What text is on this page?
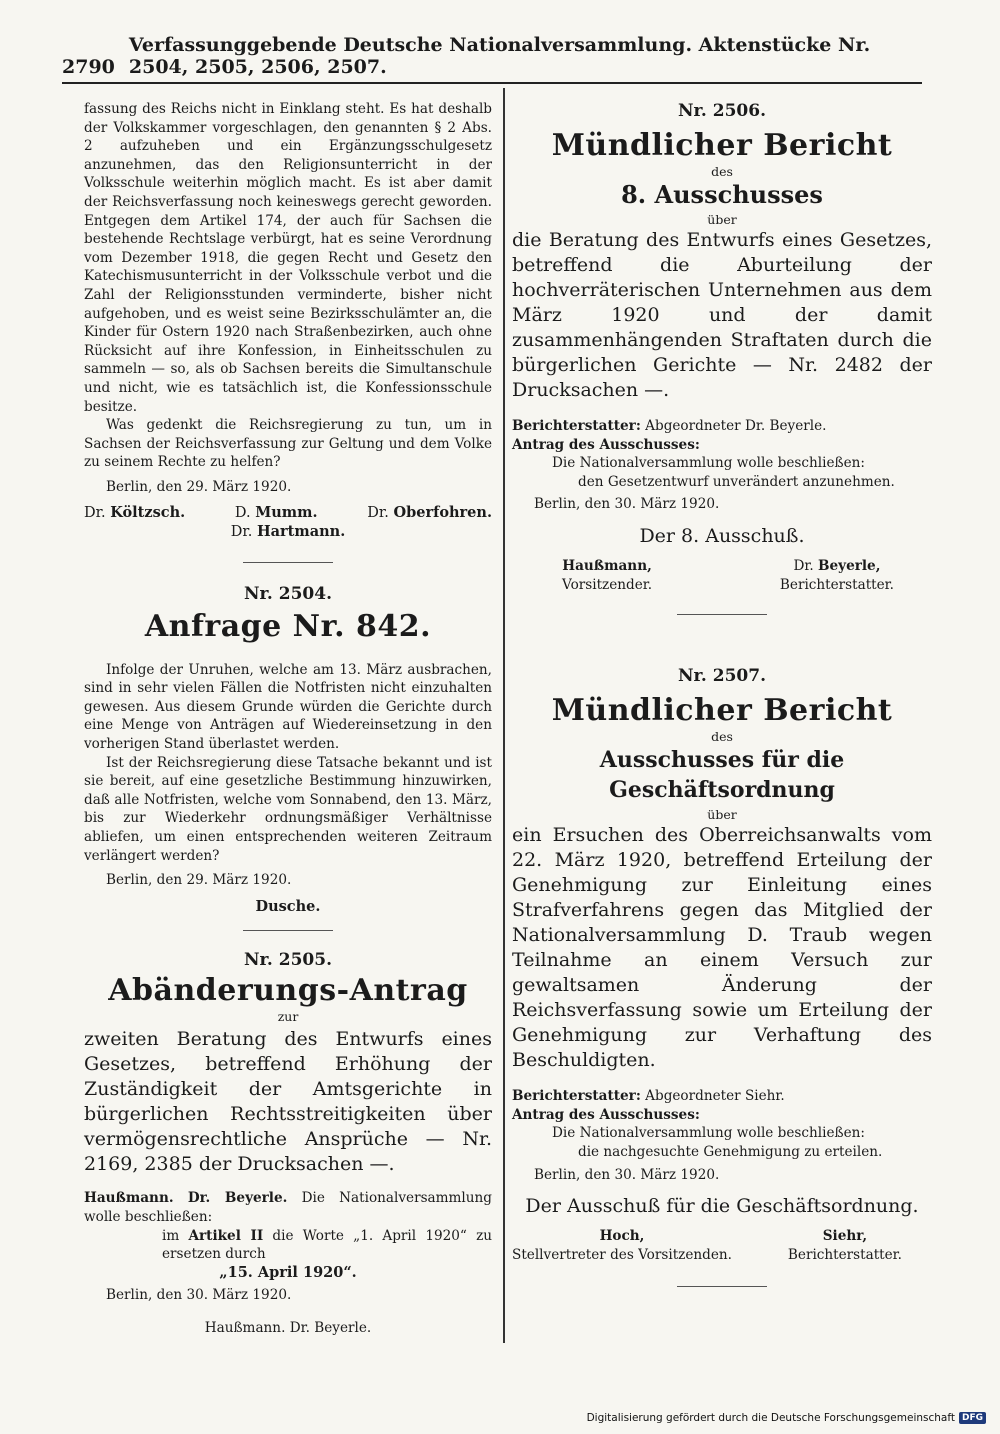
2790
Verfassunggebende Deutsche Nationalversammlung. Aktenstücke Nr. 2504, 2505, 2506, 2507.

fassung des Reichs nicht in Einklang steht. Es hat deshalb der Volkskammer vorgeschlagen, den genannten § 2 Abs. 2 aufzuheben und ein Ergänzungsschulgesetz anzunehmen, das den Religionsunterricht in der Volksschule weiterhin möglich macht. Es ist aber damit der Reichsverfassung noch keineswegs gerecht geworden. Entgegen dem Artikel 174, der auch für Sachsen die bestehende Rechtslage verbürgt, hat es seine Verordnung vom Dezember 1918, die gegen Recht und Gesetz den Katechismusunterricht in der Volksschule verbot und die Zahl der Religionsstunden verminderte, bisher nicht aufgehoben, und es weist seine Bezirksschulämter an, die Kinder für Ostern 1920 nach Straßenbezirken, auch ohne Rücksicht auf ihre Konfession, in Einheitsschulen zu sammeln — so, als ob Sachsen bereits die Simultanschule und nicht, wie es tatsächlich ist, die Konfessionsschule besitze.

Was gedenkt die Reichsregierung zu tun, um in Sachsen der Reichsverfassung zur Geltung und dem Volke zu seinem Rechte zu helfen?

Berlin, den 29. März 1920.

Dr. Költzsch.	D. Mumm.	Dr. Oberfohren.
Dr. Hartmann.
Nr. 2504.
Anfrage Nr. 842.

Infolge der Unruhen, welche am 13. März ausbrachen, sind in sehr vielen Fällen die Notfristen nicht einzuhalten gewesen. Aus diesem Grunde würden die Gerichte durch eine Menge von Anträgen auf Wiedereinsetzung in den vorherigen Stand überlastet werden.

Ist der Reichsregierung diese Tatsache bekannt und ist sie bereit, auf eine gesetzliche Bestimmung hinzuwirken, daß alle Notfristen, welche vom Sonnabend, den 13. März, bis zur Wiederkehr ordnungsmäßiger Verhältnisse abliefen, um einen entsprechenden weiteren Zeitraum verlängert werden?

Berlin, den 29. März 1920.

Dusche.
Nr. 2505.
Abänderungs-Antrag
zur

zweiten Beratung des Entwurfs eines Gesetzes, betreffend Erhöhung der Zuständigkeit der Amtsgerichte in bürgerlichen Rechtsstreitigkeiten über vermögensrechtliche Ansprüche — Nr. 2169, 2385 der Drucksachen —.

Haußmann. Dr. Beyerle. Die Nationalversammlung wolle beschließen:

im Artikel II die Worte „1. April 1920“ zu ersetzen durch

„15. April 1920“.

Berlin, den 30. März 1920.

Haußmann. Dr. Beyerle.
Nr. 2506.
Mündlicher Bericht
des
8. Ausschusses
über

die Beratung des Entwurfs eines Gesetzes, betreffend die Aburteilung der hochverräterischen Unternehmen aus dem März 1920 und der damit zusammenhängenden Straftaten durch die bürgerlichen Gerichte — Nr. 2482 der Drucksachen —.

Berichterstatter: Abgeordneter Dr. Beyerle.

Antrag des Ausschusses:

Die Nationalversammlung wolle beschließen:
den Gesetzentwurf unverändert anzunehmen.

Berlin, den 30. März 1920.

Der 8. Ausschuß.
Haußmann,
Vorsitzender.
Dr. Beyerle,
Berichterstatter.
Nr. 2507.
Mündlicher Bericht
des
Ausschusses für die Geschäftsordnung
über

ein Ersuchen des Oberreichsanwalts vom 22. März 1920, betreffend Erteilung der Genehmigung zur Einleitung eines Strafverfahrens gegen das Mitglied der Nationalversammlung D. Traub wegen Teilnahme an einem Versuch zur gewaltsamen Änderung der Reichsverfassung sowie um Erteilung der Genehmigung zur Verhaftung des Beschuldigten.

Berichterstatter: Abgeordneter Siehr.

Antrag des Ausschusses:

Die Nationalversammlung wolle beschließen:
die nachgesuchte Genehmigung zu erteilen.

Berlin, den 30. März 1920.

Der Ausschuß für die Geschäftsordnung.
Hoch,
Stellvertreter des Vorsitzenden.
Siehr,
Berichterstatter.
Digitalisierung gefördert durch die Deutsche Forschungsgemeinschaft DFG
